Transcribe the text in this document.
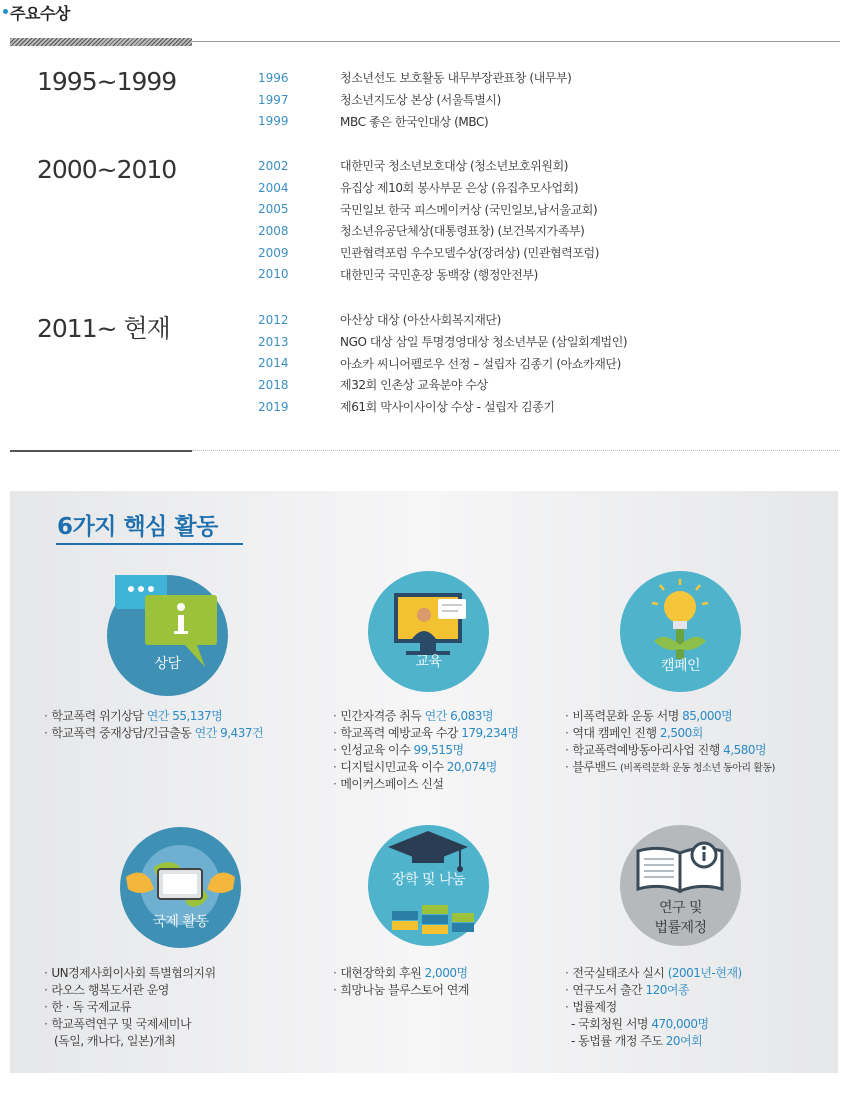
주요수상
1995~1999	1996	청소년선도 보호활동 내무부장관표창 (내무부)
1997	청소년지도상 본상 (서울특별시)
1999	MBC 좋은 한국인대상 (MBC)
2000~2010	2002	대한민국 청소년보호대상 (청소년보호위원회)
2004	유집상 제10회 봉사부문 은상 (유집추모사업회)
2005	국민일보 한국 피스메이커상 (국민일보,남서울교회)
2008	청소년유공단체상(대통령표창) (보건복지가족부)
2009	민관협력포럼 우수모델수상(장려상) (민관협력포럼)
2010	대한민국 국민훈장 동백장 (행정안전부)
2011~ 현재	2012	아산상 대상 (아산사회복지재단)
2013	NGO 대상 삼일 투명경영대상 청소년부문 (삼일회계법인)
2014	아쇼카 씨니어펠로우 선정 – 설립자 김종기 (아쇼카재단)
2018	제32회 인촌상 교육분야 수상
2019	제61회 막사이사이상 수상 - 설립자 김종기
6가지 핵심 활동
상담	교육	캠페인
국제 활동
장학 및 나눔
연구 및
법률제정
· 학교폭력 위기상담 연간 55,137명
· 학교폭력 중재상담/긴급출동 연간 9,437건
· 민간자격증 취득 연간 6,083명
· 학교폭력 예방교육 수강 179,234명
· 인성교육 이수 99,515명
· 디지털시민교육 이수 20,074명
· 메이커스페이스 신설
· 비폭력문화 운동 서명 85,000명
· 역대 캠페인 진행 2,500회
· 학교폭력예방동아리사업 진행 4,580명
· 블루밴드 (비폭력문화 운동 청소년 동아리 활동)
· UN경제사회이사회 특별협의지위
· 라오스 행복도서관 운영
· 한 · 독 국제교류
· 학교폭력연구 및 국제세미나
(독일, 캐나다, 일본)개최
· 대현장학회 후원 2,000명
· 희망나눔 블루스토어 연계
· 전국실태조사 실시 (2001년-현재)
· 연구도서 출간 120여종
· 법률제정
- 국회청원 서명 470,000명
- 동법률 개정 주도 20여회
